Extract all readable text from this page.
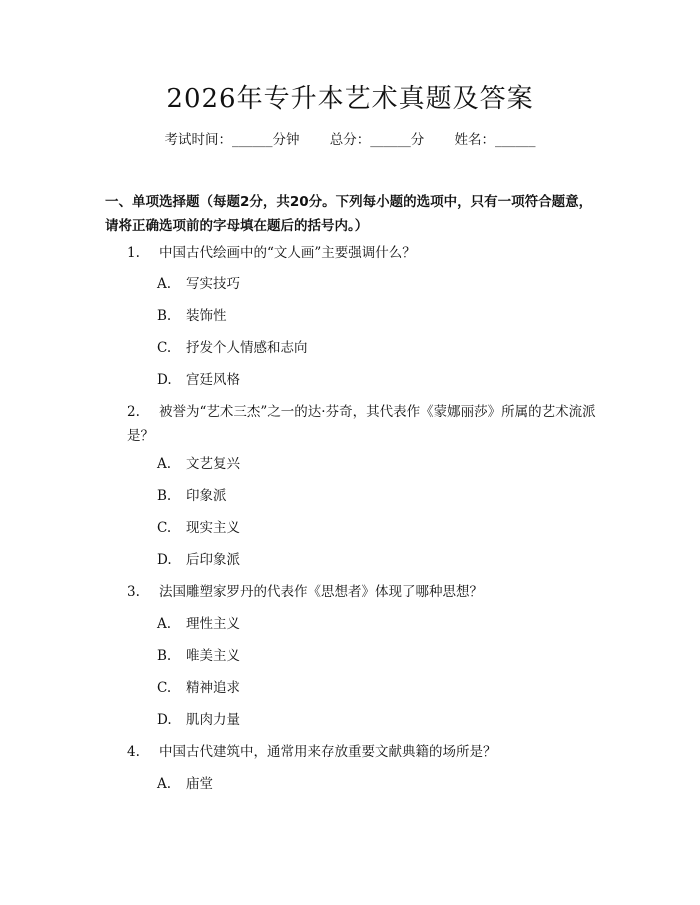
2026年专升本艺术真题及答案
考试时间：______分钟 总分：______分 姓名：______
一、单项选择题（每题2分，共20分。下列每小题的选项中，只有一项符合题意，请将正确选项前的字母填在题后的括号内。）
1. 中国古代绘画中的“文人画”主要强调什么？
A. 写实技巧
B. 装饰性
C. 抒发个人情感和志向
D. 宫廷风格
2. 被誉为“艺术三杰”之一的达·芬奇，其代表作《蒙娜丽莎》所属的艺术流派是？
A. 文艺复兴
B. 印象派
C. 现实主义
D. 后印象派
3. 法国雕塑家罗丹的代表作《思想者》体现了哪种思想？
A. 理性主义
B. 唯美主义
C. 精神追求
D. 肌肉力量
4. 中国古代建筑中，通常用来存放重要文献典籍的场所是？
A. 庙堂
